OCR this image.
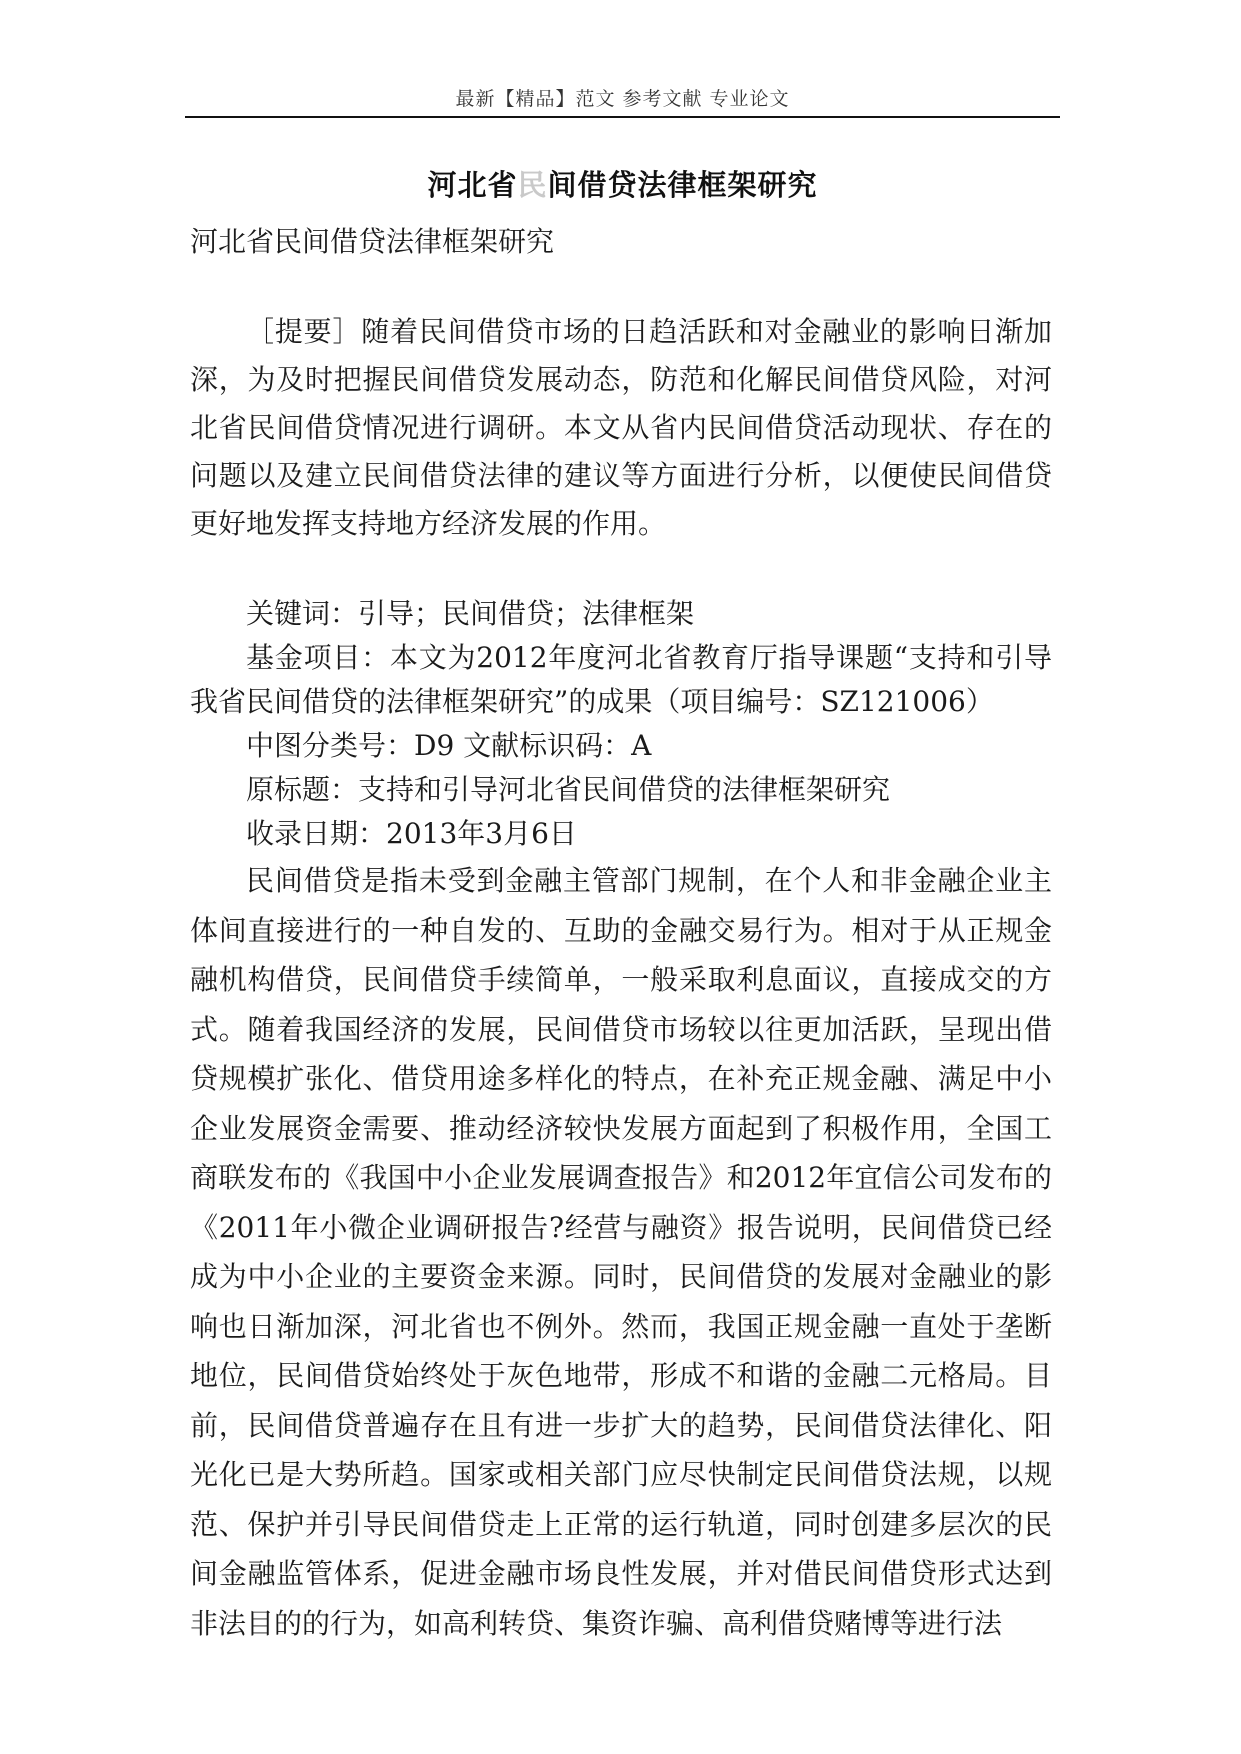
最新【精品】范文 参考文献 专业论文
河北省民间借贷法律框架研究

河北省民间借贷法律框架研究

［提要］随着民间借贷市场的日趋活跃和对金融业的影响日渐加深，为及时把握民间借贷发展动态，防范和化解民间借贷风险，对河北省民间借贷情况进行调研。本文从省内民间借贷活动现状、存在的问题以及建立民间借贷法律的建议等方面进行分析，以便使民间借贷更好地发挥支持地方经济发展的作用。

关键词：引导；民间借贷；法律框架

基金项目：本文为2012年度河北省教育厅指导课题“支持和引导我省民间借贷的法律框架研究”的成果（项目编号：SZ121006）

中图分类号：D9 文献标识码：A

原标题：支持和引导河北省民间借贷的法律框架研究

收录日期：2013年3月6日

民间借贷是指未受到金融主管部门规制，在个人和非金融企业主体间直接进行的一种自发的、互助的金融交易行为。相对于从正规金融机构借贷，民间借贷手续简单，一般采取利息面议，直接成交的方式。随着我国经济的发展，民间借贷市场较以往更加活跃，呈现出借贷规模扩张化、借贷用途多样化的特点，在补充正规金融、满足中小企业发展资金需要、推动经济较快发展方面起到了积极作用，全国工商联发布的《我国中小企业发展调查报告》和2012年宜信公司发布的《2011年小微企业调研报告?经营与融资》报告说明，民间借贷已经成为中小企业的主要资金来源。同时，民间借贷的发展对金融业的影响也日渐加深，河北省也不例外。然而，我国正规金融一直处于垄断地位，民间借贷始终处于灰色地带，形成不和谐的金融二元格局。目前，民间借贷普遍存在且有进一步扩大的趋势，民间借贷法律化、阳光化已是大势所趋。国家或相关部门应尽快制定民间借贷法规，以规范、保护并引导民间借贷走上正常的运行轨道，同时创建多层次的民间金融监管体系，促进金融市场良性发展，并对借民间借贷形式达到非法目的的行为，如高利转贷、集资诈骗、高利借贷赌博等进行法
